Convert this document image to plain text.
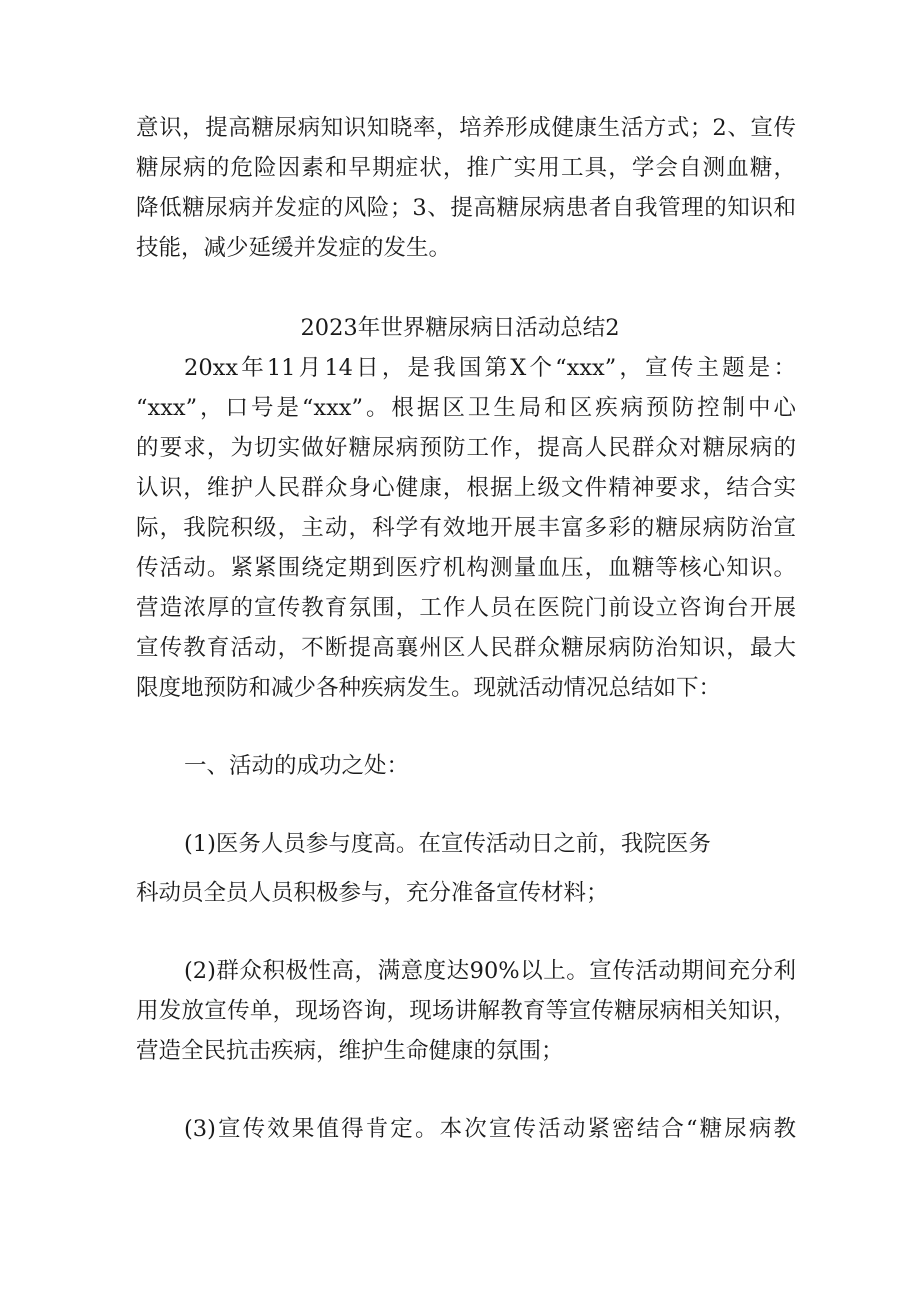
意识，提高糖尿病知识知晓率，培养形成健康生活方式；2、宣传
糖尿病的危险因素和早期症状，推广实用工具，学会自测血糖，
降低糖尿病并发症的风险；3、提高糖尿病患者自我管理的知识和
技能，减少延缓并发症的发生。
2023年世界糖尿病日活动总结2
20xx年11月14日，是我国第X个“xxx”，宣传主题是：
“xxx”，口号是“xxx”。根据区卫生局和区疾病预防控制中心
的要求，为切实做好糖尿病预防工作，提高人民群众对糖尿病的
认识，维护人民群众身心健康，根据上级文件精神要求，结合实
际，我院积级，主动，科学有效地开展丰富多彩的糖尿病防治宣
传活动。紧紧围绕定期到医疗机构测量血压，血糖等核心知识。
营造浓厚的宣传教育氛围，工作人员在医院门前设立咨询台开展
宣传教育活动，不断提高襄州区人民群众糖尿病防治知识，最大
限度地预防和减少各种疾病发生。现就活动情况总结如下：
一、活动的成功之处：
(1)医务人员参与度高。在宣传活动日之前，我院医务
科动员全员人员积极参与，充分准备宣传材料；
(2)群众积极性高，满意度达90%以上。宣传活动期间充分利
用发放宣传单，现场咨询，现场讲解教育等宣传糖尿病相关知识，
营造全民抗击疾病，维护生命健康的氛围；
(3)宣传效果值得肯定。本次宣传活动紧密结合“糖尿病教
